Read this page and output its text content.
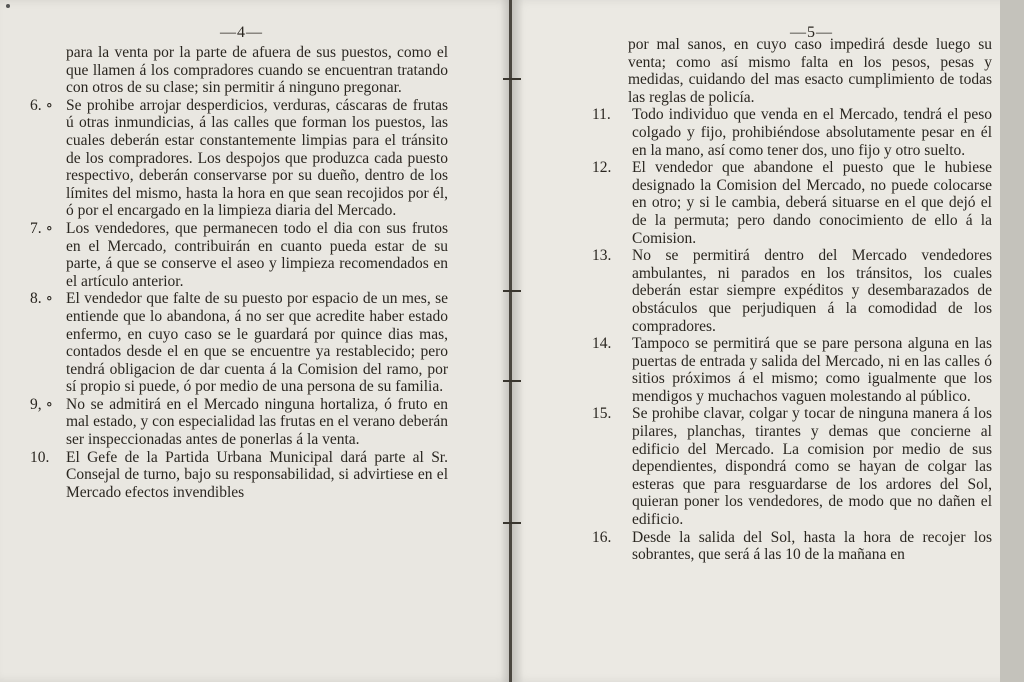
—4—
para la venta por la parte de afuera de sus puestos, como el que llamen á los compradores cuando se encuentran tratando con otros de su clase; sin permitir á ninguno pregonar.
6. ∘ Se prohibe arrojar desperdicios, verduras, cáscaras de frutas ú otras inmundicias, á las calles que forman los puestos, las cuales deberán estar constantemente limpias para el tránsito de los compradores. Los despojos que produzca cada puesto respectivo, deberán conservarse por su dueño, dentro de los límites del mismo, hasta la hora en que sean recojidos por él, ó por el encargado en la limpieza diaria del Mercado.
7. ∘ Los vendedores, que permanecen todo el dia con sus frutos en el Mercado, contribuirán en cuanto pueda estar de su parte, á que se conserve el aseo y limpieza recomendados en el artículo anterior.
8. ∘ El vendedor que falte de su puesto por espacio de un mes, se entiende que lo abandona, á no ser que acredite haber estado enfermo, en cuyo caso se le guardará por quince dias mas, contados desde el en que se encuentre ya restablecido; pero tendrá obligacion de dar cuenta á la Comision del ramo, por sí propio si puede, ó por medio de una persona de su familia.
9, ∘ No se admitirá en el Mercado ninguna hortaliza, ó fruto en mal estado, y con especialidad las frutas en el verano deberán ser inspeccionadas antes de ponerlas á la venta.
10.	El Gefe de la Partida Urbana Municipal dará parte al Sr. Consejal de turno, bajo su responsabilidad, si advirtiese en el Mercado efectos invendibles
—5—
por mal sanos, en cuyo caso impedirá desde luego su venta; como así mismo falta en los pesos, pesas y medidas, cuidando del mas esacto cumplimiento de todas las reglas de policía.
11.	Todo individuo que venda en el Mercado, tendrá el peso colgado y fijo, prohibiéndose absolutamente pesar en él en la mano, así como tener dos, uno fijo y otro suelto.
12.	El vendedor que abandone el puesto que le hubiese designado la Comision del Mercado, no puede colocarse en otro; y si le cambia, deberá situarse en el que dejó el de la permuta; pero dando conocimiento de ello á la Comision.
13.	No se permitirá dentro del Mercado vendedores ambulantes, ni parados en los tránsitos, los cuales deberán estar siempre expéditos y desembarazados de obstáculos que perjudiquen á la comodidad de los compradores.
14.	Tampoco se permitirá que se pare persona alguna en las puertas de entrada y salida del Mercado, ni en las calles ó sitios próximos á el mismo; como igualmente que los mendigos y muchachos vaguen molestando al público.
15.	Se prohibe clavar, colgar y tocar de ninguna manera á los pilares, planchas, tirantes y demas que concierne al edificio del Mercado. La comision por medio de sus dependientes, dispondrá como se hayan de colgar las esteras que para resguardarse de los ardores del Sol, quieran poner los vendedores, de modo que no dañen el edificio.
16.	Desde la salida del Sol, hasta la hora de recojer los sobrantes, que será á las 10 de la mañana en
